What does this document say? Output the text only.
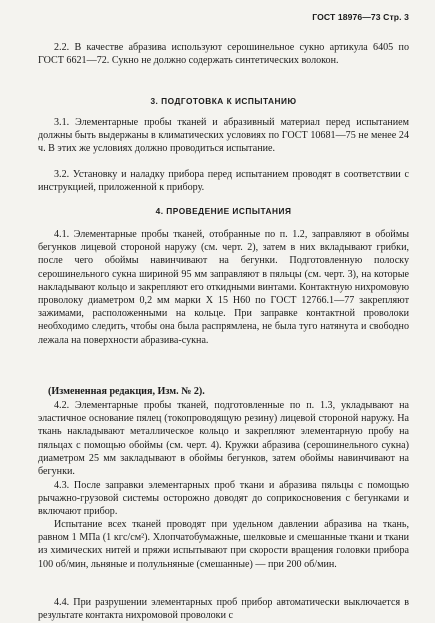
ГОСТ 18976—73 Стр. 3

2.2. В качестве абразива используют серошинельное сукно артикула 6405 по ГОСТ 6621—72. Сукно не должно содержать синтетических волокон.

3. ПОДГОТОВКА К ИСПЫТАНИЮ

3.1. Элементарные пробы тканей и абразивный материал перед испытанием должны быть выдержаны в климатических условиях по ГОСТ 10681—75 не менее 24 ч. В этих же условиях должно проводиться испытание.

3.2. Установку и наладку прибора перед испытанием проводят в соответствии с инструкцией, приложенной к прибору.

4. ПРОВЕДЕНИЕ ИСПЫТАНИЯ

4.1. Элементарные пробы тканей, отобранные по п. 1.2, заправляют в обоймы бегунков лицевой стороной наружу (см. черт. 2), затем в них вкладывают грибки, после чего обоймы навинчивают на бегунки. Подготовленную полоску серошинельного сукна шириной 95 мм заправляют в пяльцы (см. черт. 3), на которые накладывают кольцо и закрепляют его откидными винтами. Контактную нихромовую проволоку диаметром 0,2 мм марки Х 15 Н60 по ГОСТ 12766.1—77 закрепляют зажимами, расположенными на кольце. При заправке контактной проволоки необходимо следить, чтобы она была распрямлена, не была туго натянута и свободно лежала на поверхности абразива-сукна.

(Измененная редакция, Изм. № 2).

4.2. Элементарные пробы тканей, подготовленные по п. 1.3, укладывают на эластичное основание пялец (токопроводящую резину) лицевой стороной наружу. На ткань накладывают металлическое кольцо и закрепляют элементарную пробу на пяльцах с помощью обоймы (см. черт. 4). Кружки абразива (серошинельного сукна) диаметром 25 мм закладывают в обоймы бегунков, затем обоймы навинчивают на бегунки.

4.3. После заправки элементарных проб ткани и абразива пяльцы с помощью рычажно-грузовой системы осторожно доводят до соприкосновения с бегунками и включают прибор.

Испытание всех тканей проводят при удельном давлении абразива на ткань, равном 1 МПа (1 кгс/см²). Хлопчатобумажные, шелковые и смешанные ткани и ткани из химических нитей и пряжи испытывают при скорости вращения головки прибора 100 об/мин, льняные и полульняные (смешанные) — при 200 об/мин.

4.4. При разрушении элементарных проб прибор автоматически выключается в результате контакта нихромовой проволоки с
